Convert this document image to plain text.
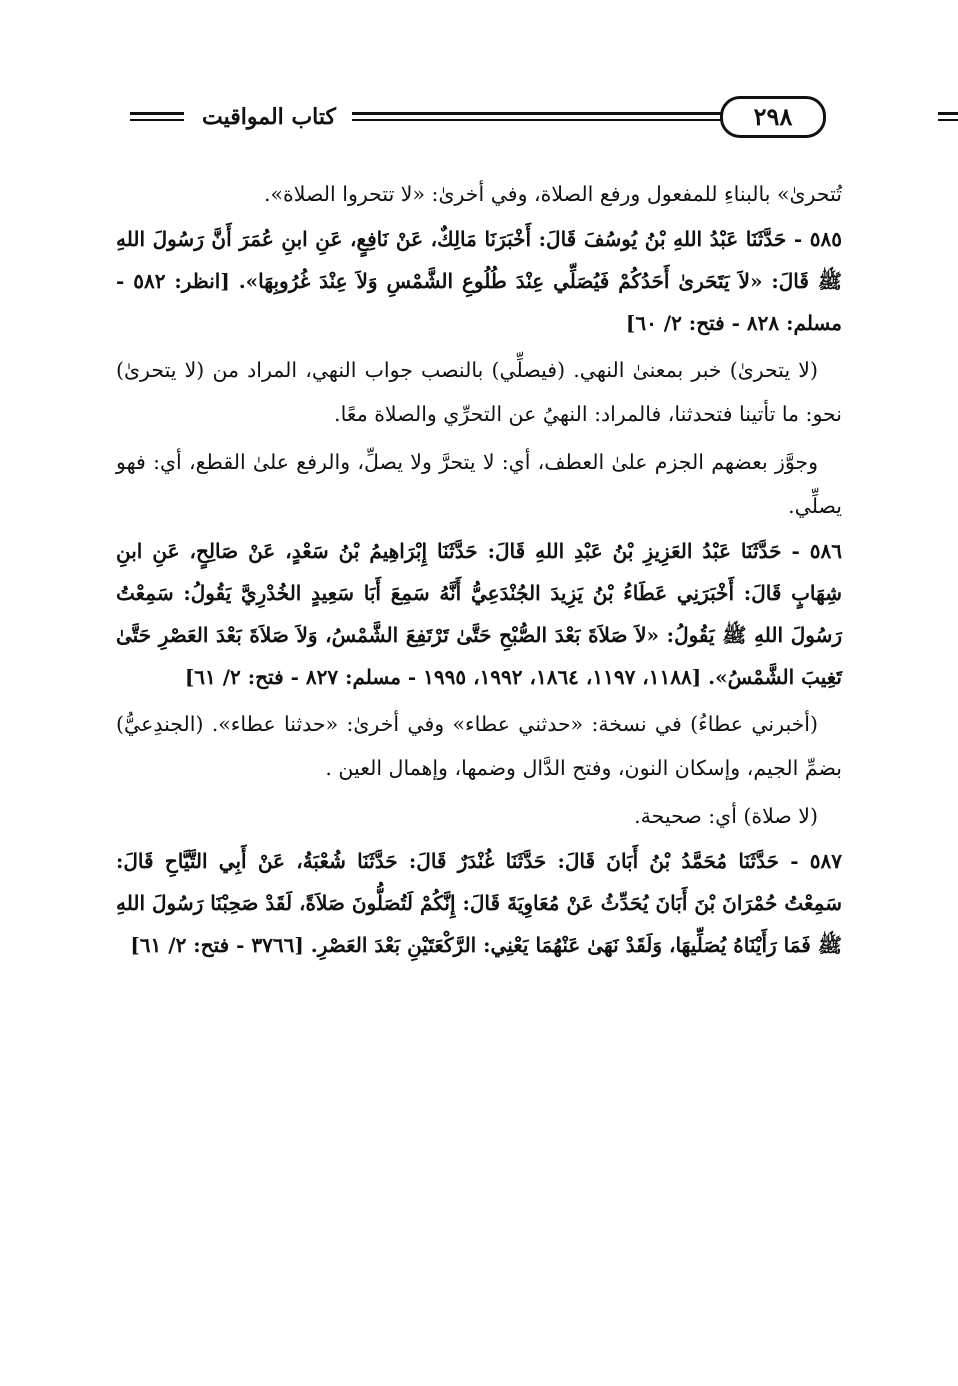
كتاب المواقيت	٢٩٨

تُتحرىٰ» بالبناءِ للمفعول ورفع الصلاة، وفي أخرىٰ: «لا تتحروا الصلاة».

٥٨٥ - حَدَّثَنَا عَبْدُ اللهِ بْنُ يُوسُفَ قَالَ: أَخْبَرَنَا مَالِكٌ، عَنْ نَافِعٍ، عَنِ ابنِ عُمَرَ أَنَّ رَسُولَ اللهِ ﷺ قَالَ: «لاَ يَتَحَرىٰ أَحَدُكُمْ فَيُصَلِّي عِنْدَ طُلُوعِ الشَّمْسِ وَلاَ عِنْدَ غُرُوبِهَا». [انظر: ٥٨٢ - مسلم: ٨٢٨ - فتح: ٢/ ٦٠]

(لا يتحرىٰ) خبر بمعنىٰ النهي. (فيصلِّي) بالنصب جواب النهي، المراد من (لا يتحرىٰ) نحو: ما تأتينا فتحدثنا، فالمراد: النهيُ عن التحرِّي والصلاة معًا.

وجوَّز بعضهم الجزم علىٰ العطف، أي: لا يتحرَّ ولا يصلِّ، والرفع علىٰ القطع، أي: فهو يصلِّي.

٥٨٦ - حَدَّثَنَا عَبْدُ العَزِيزِ بْنُ عَبْدِ اللهِ قَالَ: حَدَّثَنَا إِبْرَاهِيمُ بْنُ سَعْدٍ، عَنْ صَالِحٍ، عَنِ ابنِ شِهَابٍ قَالَ: أَخْبَرَنِي عَطَاءُ بْنُ يَزِيدَ الجُنْدَعِيُّ أَنَّهُ سَمِعَ أَبَا سَعِيدٍ الخُدْرِيَّ يَقُولُ: سَمِعْتُ رَسُولَ اللهِ ﷺ يَقُولُ: «لاَ صَلاَةَ بَعْدَ الصُّبْحِ حَتَّىٰ تَرْتَفِعَ الشَّمْسُ، وَلاَ صَلاَةَ بَعْدَ العَصْرِ حَتَّىٰ تَغِيبَ الشَّمْسُ». [١١٨٨، ١١٩٧، ١٨٦٤، ١٩٩٢، ١٩٩٥ - مسلم: ٨٢٧ - فتح: ٢/ ٦١]

(أخبرني عطاءُ) في نسخة: «حدثني عطاء» وفي أخرىٰ: «حدثنا عطاء». (الجندِعيُّ) بضمِّ الجيم، وإسكان النون، وفتح الدَّال وضمها، وإهمال العين .

(لا صلاة) أي: صحيحة.

٥٨٧ - حَدَّثَنَا مُحَمَّدُ بْنُ أَبَانَ قَالَ: حَدَّثَنَا غُنْدَرٌ قَالَ: حَدَّثَنَا شُعْبَةُ، عَنْ أَبِي التَّيَّاحِ قَالَ: سَمِعْتُ حُمْرَانَ بْنَ أَبَانَ يُحَدِّثُ عَنْ مُعَاوِيَةَ قَالَ: إِنَّكُمْ لَتُصَلُّونَ صَلاَةً، لَقَدْ صَحِبْنَا رَسُولَ اللهِ ﷺ فَمَا رَأَيْنَاهُ يُصَلِّيهَا، وَلَقَدْ نَهَىٰ عَنْهُمَا يَعْنِي: الرَّكْعَتَيْنِ بَعْدَ العَصْرِ. [٣٧٦٦ - فتح: ٢/ ٦١]
